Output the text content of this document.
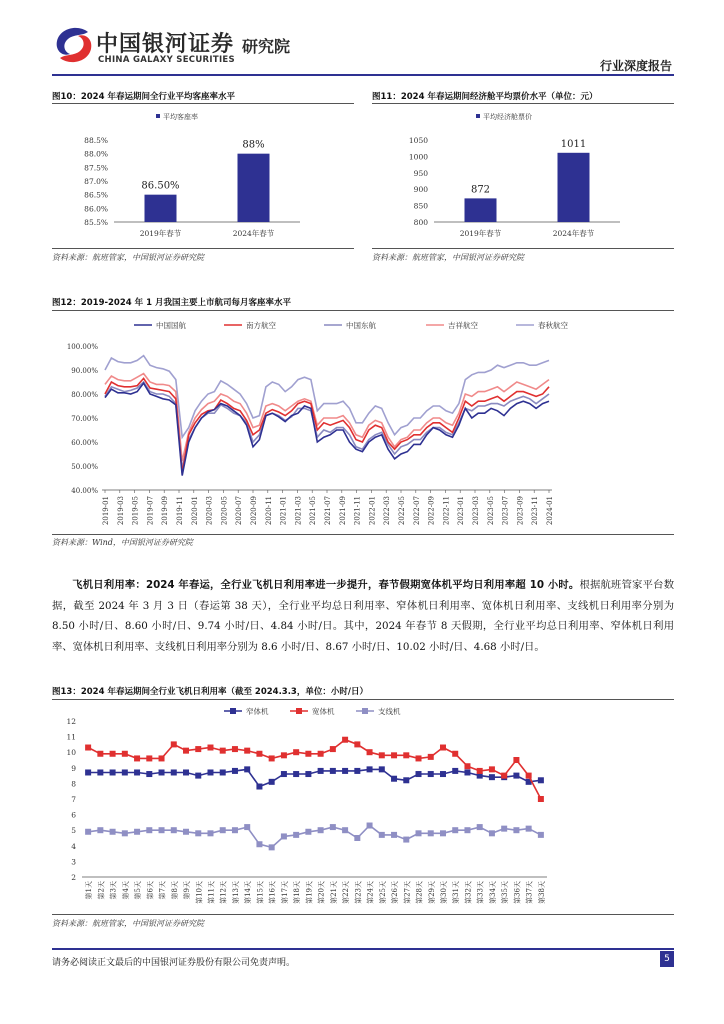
中国银河证券
CHINA GALAXY SECURITIES
研究院
行业深度报告
图10：2024 年春运期间全行业平均客座率水平
平均客座率
85.5%
86.0%
86.5%
87.0%
87.5%
88.0%
88.5%
86.50%
2019年春节
88%
2024年春节
资料来源：航班管家，中国银河证券研究院
图11：2024 年春运期间经济舱平均票价水平（单位：元）
平均经济舱票价
800
850
900
950
1000
1050
872
2019年春节
1011
2024年春节
资料来源：航班管家，中国银河证券研究院
图12：2019-2024 年 1 月我国主要上市航司每月客座率水平
中国国航	南方航空	中国东航	吉祥航空	春秋航空
40.00%
50.00%
60.00%
70.00%
80.00%
90.00%
100.00%
2019-01 2019-03 2019-05 2019-07 2019-09 2019-11 2020-01 2020-03 2020-05 2020-07 2020-09 2020-11 2021-01 2021-03 2021-05 2021-07 2021-09 2021-11 2022-01 2022-03 2022-05 2022-07 2022-09 2022-11 2023-01 2023-03 2023-05 2023-07 2023-09 2023-11 2024-01
资料来源：Wind，中国银河证券研究院
飞机日利用率：2024 年春运，全行业飞机日利用率进一步提升，春节假期宽体机平均日利用率超 10 小时。根据航班管家平台数据，截至 2024 年 3 月 3 日（春运第 38 天），全行业平均总日利用率、窄体机日利用率、宽体机日利用率、支线机日利用率分别为 8.50 小时/日、8.60 小时/日、9.74 小时/日、4.84 小时/日。其中，2024 年春节 8 天假期，全行业平均总日利用率、窄体机日利用率、宽体机日利用率、支线机日利用率分别为 8.6 小时/日、8.67 小时/日、10.02 小时/日、4.68 小时/日。
图13：2024 年春运期间全行业飞机日利用率（截至 2024.3.3，单位：小时/日）
窄体机	宽体机	支线机
2
3
4
5
6
7
8
9
10
11
12
第1天 第2天 第3天 第4天 第5天 第6天 第7天 第8天 第9天 第10天 第11天 第12天 第13天 第14天 第15天 第16天 第17天 第18天 第19天 第20天 第21天 第22天 第23天 第24天 第25天 第26天 第27天 第28天 第29天 第30天 第31天 第32天 第33天 第34天 第35天 第36天 第37天 第38天
资料来源：航班管家，中国银河证券研究院
请务必阅读正文最后的中国银河证券股份有限公司免责声明。	5
